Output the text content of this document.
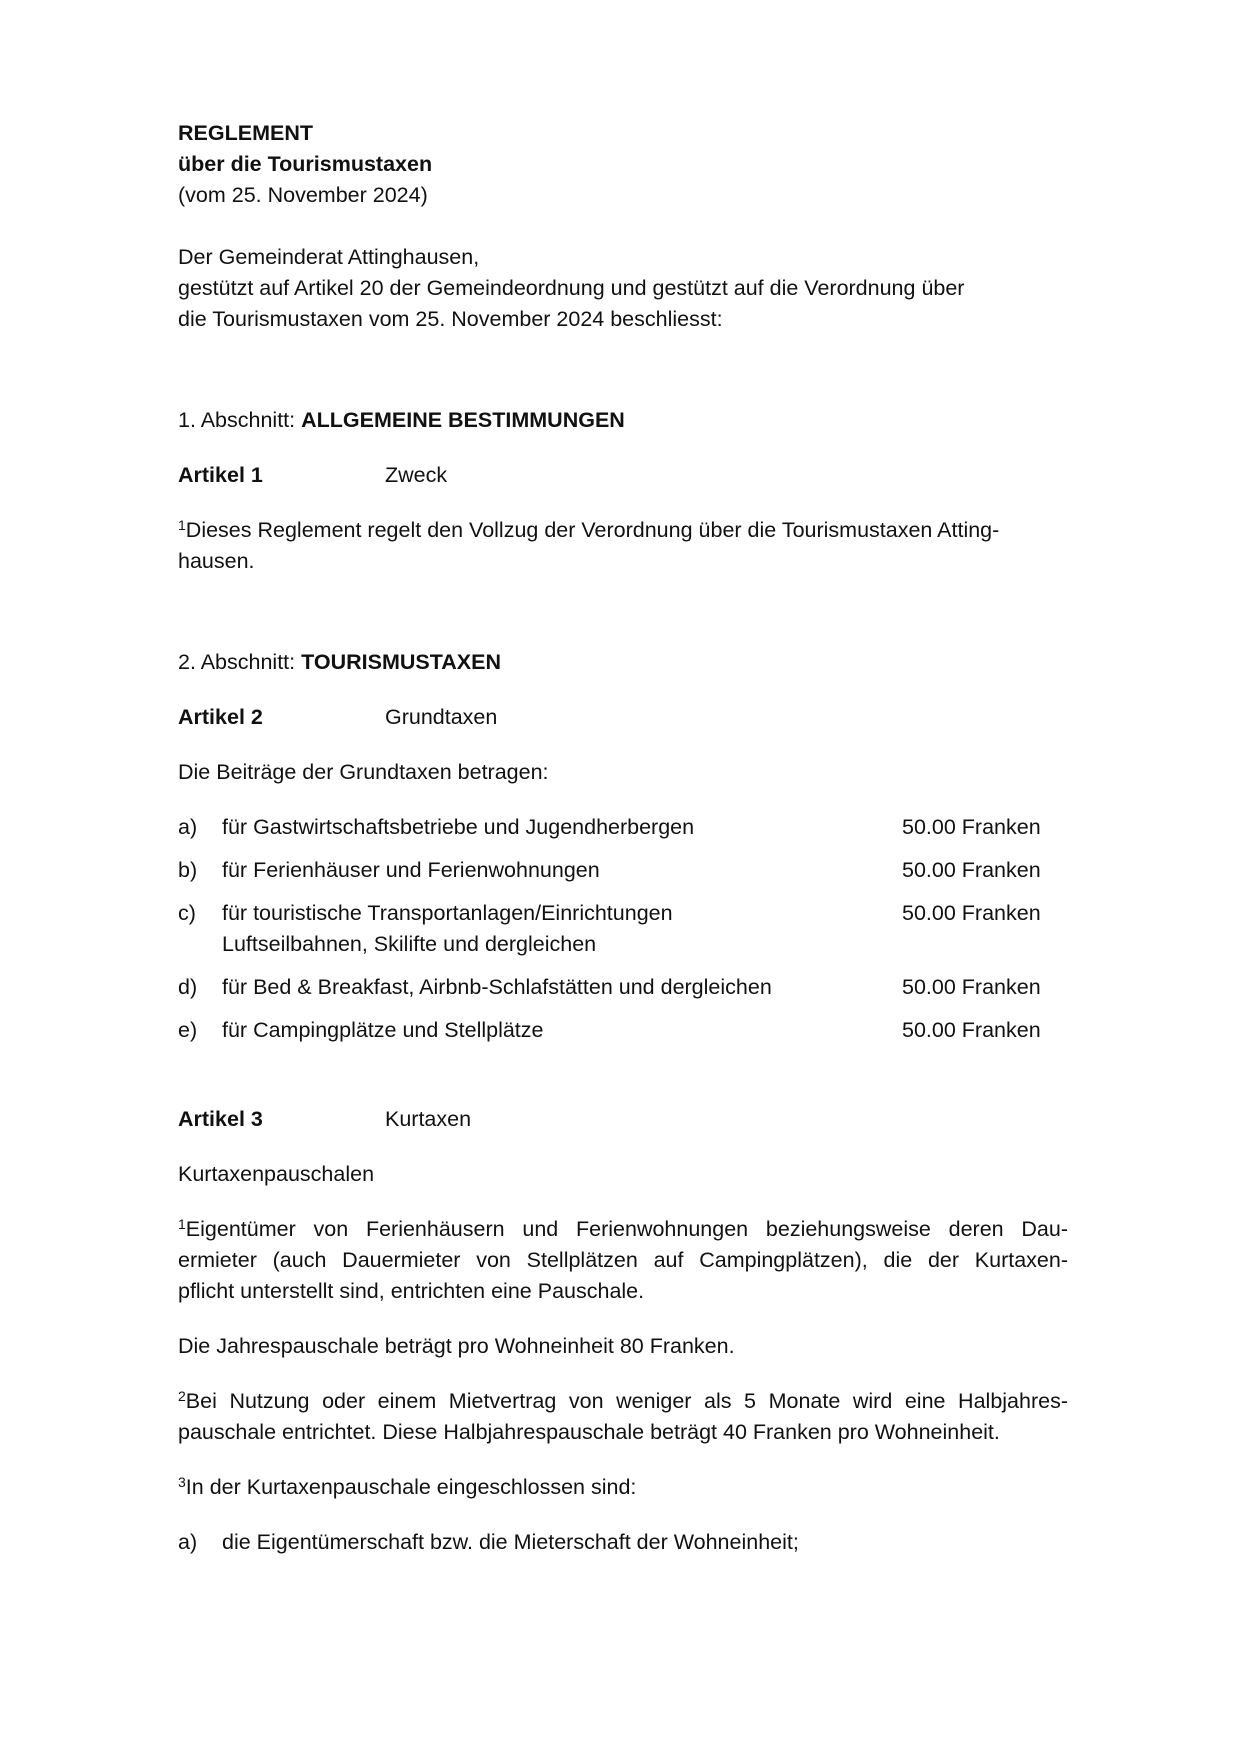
REGLEMENT

über die Tourismustaxen

(vom 25. November 2024)

Der Gemeinderat Attinghausen,

gestützt auf Artikel 20 der Gemeindeordnung und gestützt auf die Verordnung über

die Tourismustaxen vom 25. November 2024 beschliesst:

1. Abschnitt: ALLGEMEINE BESTIMMUNGEN

Artikel 1	Zweck

$^1$Dieses Reglement regelt den Vollzug der Verordnung über die Tourismustaxen Atting-

hausen.

2. Abschnitt: TOURISMUSTAXEN

Artikel 2	Grundtaxen

Die Beiträge der Grundtaxen betragen:

a)	für Gastwirtschaftsbetriebe und Jugendherbergen	50.00 Franken
b)	für Ferienhäuser und Ferienwohnungen	50.00 Franken
c)	für touristische Transportanlagen/Einrichtungen
Luftseilbahnen, Skilifte und dergleichen
50.00 Franken
d)	für Bed & Breakfast, Airbnb-Schlafstätten und dergleichen	50.00 Franken
e)	für Campingplätze und Stellplätze	50.00 Franken
Artikel 3	Kurtaxen

Kurtaxenpauschalen

$^1$Eigentümer von Ferienhäusern und Ferienwohnungen beziehungsweise deren Dau-

ermieter (auch Dauermieter von Stellplätzen auf Campingplätzen), die der Kurtaxen-

pflicht unterstellt sind, entrichten eine Pauschale.

Die Jahrespauschale beträgt pro Wohneinheit 80 Franken.

$^2$Bei Nutzung oder einem Mietvertrag von weniger als 5 Monate wird eine Halbjahres-

pauschale entrichtet. Diese Halbjahrespauschale beträgt 40 Franken pro Wohneinheit.

$^3$In der Kurtaxenpauschale eingeschlossen sind:

a)	die Eigentümerschaft bzw. die Mieterschaft der Wohneinheit;
